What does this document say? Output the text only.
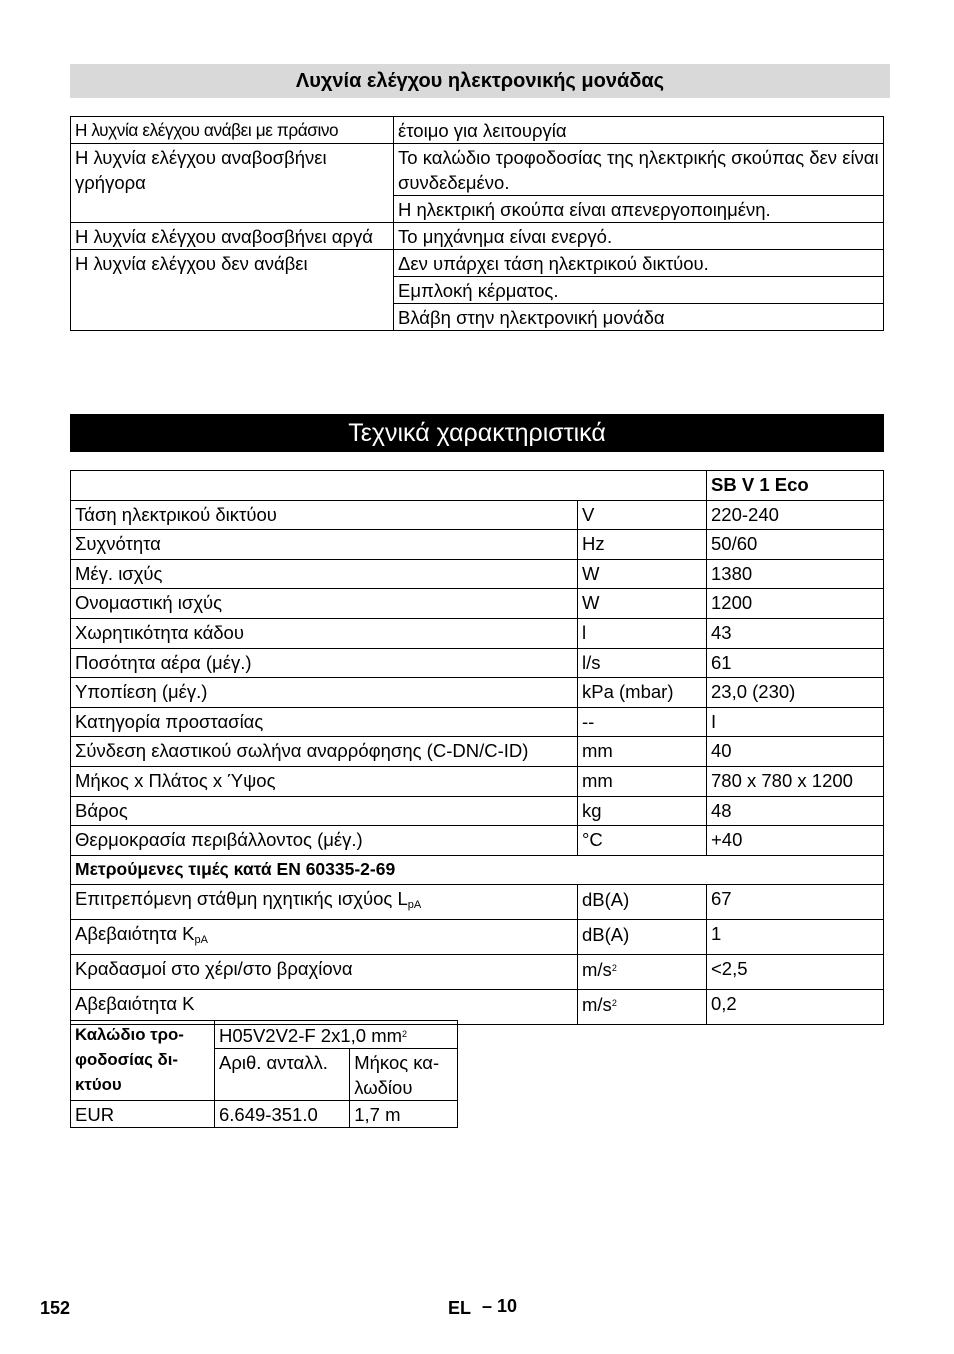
Λυχνία ελέγχου ηλεκτρονικής μονάδας
Η λυχνία ελέγχου ανάβει με πράσινο	έτοιμο για λειτουργία
Η λυχνία ελέγχου αναβοσβήνει γρήγορα	Το καλώδιο τροφοδοσίας της ηλεκτρικής σκούπας δεν είναι συνδεδεμένο.
	Η ηλεκτρική σκούπα είναι απενεργοποιημένη.
Η λυχνία ελέγχου αναβοσβήνει αργά	Το μηχάνημα είναι ενεργό.
Η λυχνία ελέγχου δεν ανάβει	Δεν υπάρχει τάση ηλεκτρικού δικτύου.
	Εμπλοκή κέρματος.
	Βλάβη στην ηλεκτρονική μονάδα
Τεχνικά χαρακτηριστικά
		SB V 1 Eco
Τάση ηλεκτρικού δικτύου	V	220-240
Συχνότητα	Hz	50/60
Μέγ. ισχύς	W	1380
Ονομαστική ισχύς	W	1200
Χωρητικότητα κάδου	l	43
Ποσότητα αέρα (μέγ.)	l/s	61
Υποπίεση (μέγ.)	kPa (mbar)	23,0 (230)
Κατηγορία προστασίας	--	I
Σύνδεση ελαστικού σωλήνα αναρρόφησης (C-DN/C-ID)	mm	40
Μήκος x Πλάτος x Ύψος	mm	780 x 780 x 1200
Βάρος	kg	48
Θερμοκρασία περιβάλλοντος (μέγ.)	°C	+40
Μετρούμενες τιμές κατά EN 60335-2-69		
Επιτρεπόμενη στάθμη ηχητικής ισχύος $L_{pA}$	dB(A)	67
Αβεβαιότητα $K_{pA}$	dB(A)	1
Κραδασμοί στο χέρι/στο βραχίονα	$m/s^2$	<2,5
Αβεβαιότητα K	$m/s^2$	0,2
Καλώδιο τρο-
φοδοσίας δι-
κτύου	H05V2V2-F 2x1,0 $mm^2$
	Αριθ. ανταλλ.	Μήκος κα-
λωδίου
EUR	6.649-351.0	1,7 m
152	EL – 10
